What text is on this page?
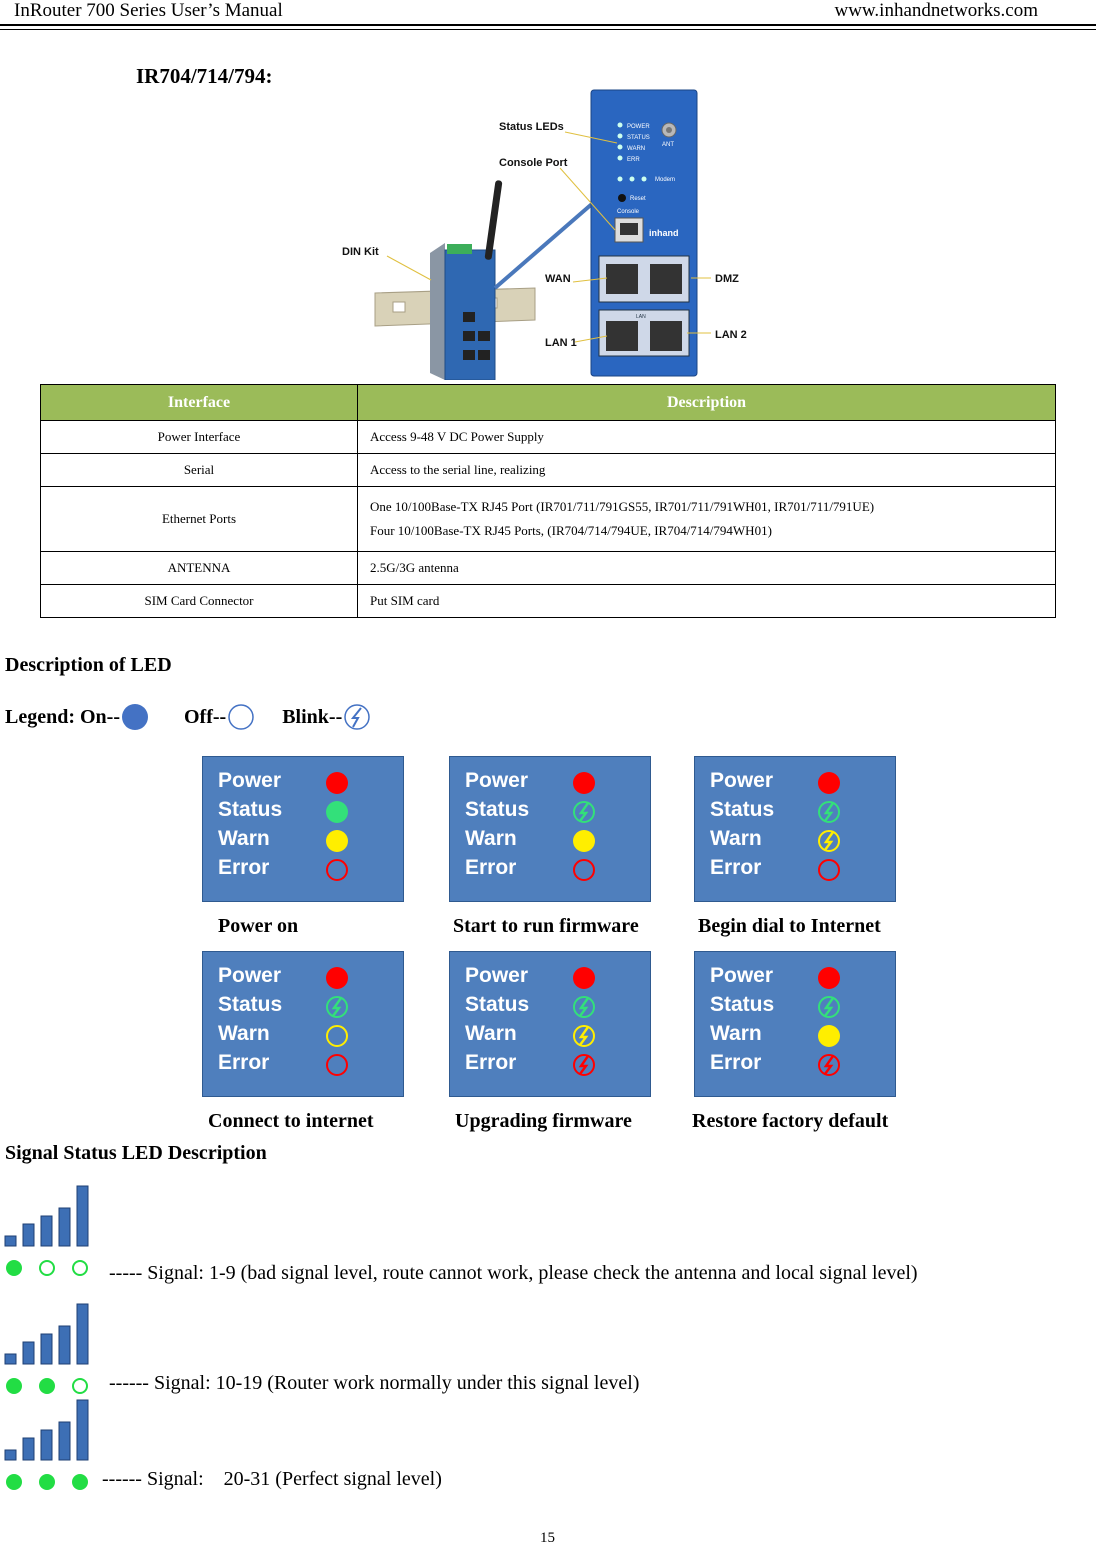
InRouter 700 Series User’s Manual	www.inhandnetworks.com
IR704/714/794:
POWER
STATUS
WARN
ERR
ANT
Modem
Reset
Console
inhand
LAN
Status LEDs
Console Port
DIN Kit
WAN	DMZ
LAN 1
LAN 2
Interface	Description
Power Interface	Access 9-48 V DC Power Supply
Serial	Access to the serial line, realizing
Ethernet Ports	One 10/100Base-TX RJ45 Port (IR701/711/791GS55, IR701/711/791WH01, IR701/711/791UE)
Four 10/100Base-TX RJ45 Ports, (IR704/714/794UE, IR704/714/794WH01)

ANTENNA	2.5G/3G antenna
SIM Card Connector	Put SIM card
Description of LED
Legend:
On--	Off--	Blink--
Power
Status
Warn
Error
Power
Status
Warn
Error
Power
Status
Warn
Error
Power
Status
Warn
Error
Power
Status
Warn
Error
Power
Status
Warn
Error
Power on	Start to run firmware	Begin dial to Internet
Connect to internet	Upgrading firmware	Restore factory default
Signal Status LED Description
----- Signal: 1-9 (bad signal level, route cannot work, please check the antenna and local signal level)
------ Signal: 10-19 (Router work normally under this signal level)
------ Signal:    20-31 (Perfect signal level)
15
